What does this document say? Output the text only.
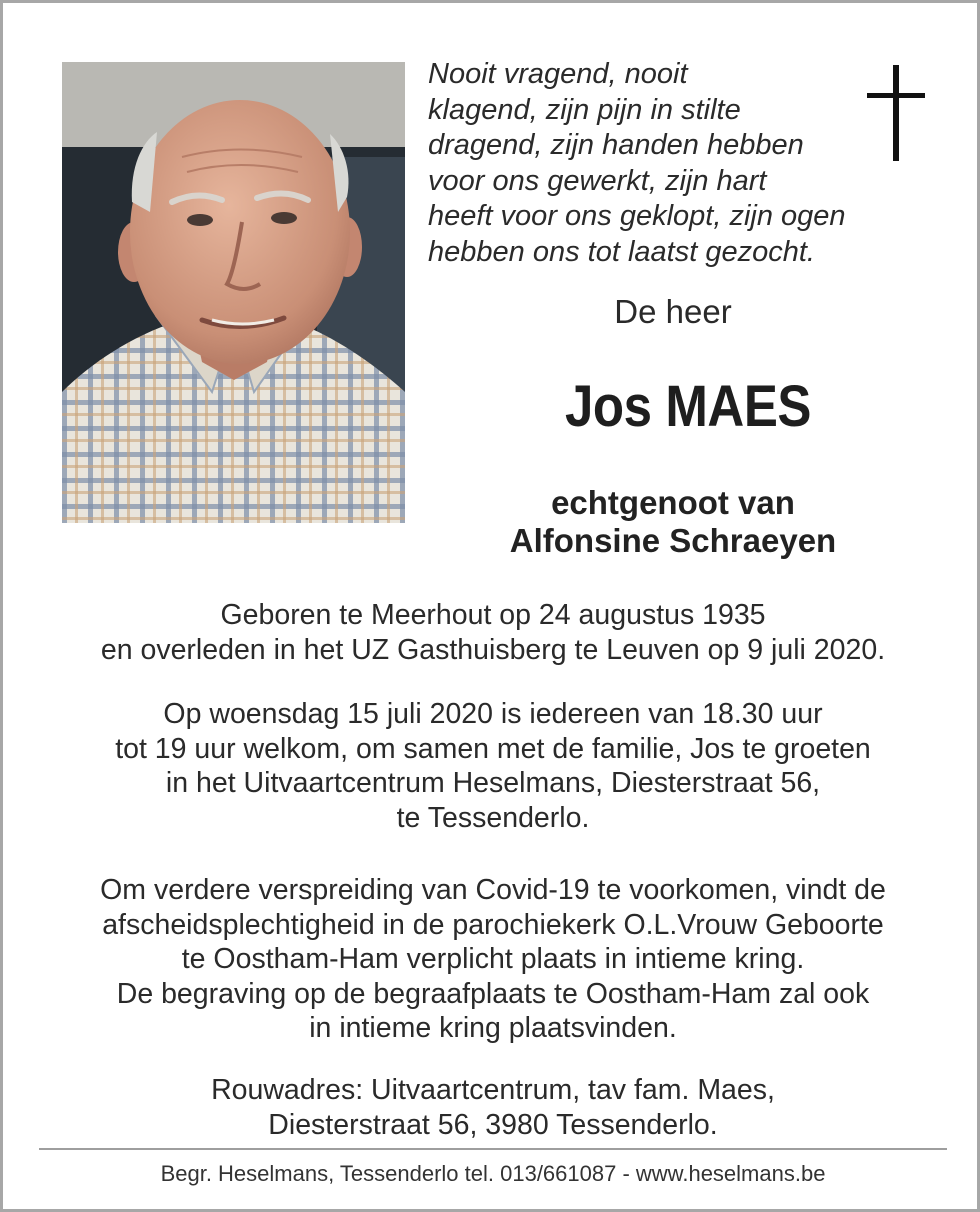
Nooit vragend, nooit
klagend, zijn pijn in stilte
dragend, zijn handen hebben
voor ons gewerkt, zijn hart
heeft voor ons geklopt, zijn ogen
hebben ons tot laatst gezocht.
De heer
Jos MAES
echtgenoot van
Alfonsine Schraeyen
Geboren te Meerhout op 24 augustus 1935
en overleden in het UZ Gasthuisberg te Leuven op 9 juli 2020.
Op woensdag 15 juli 2020 is iedereen van 18.30 uur
tot 19 uur welkom, om samen met de familie, Jos te groeten
in het Uitvaartcentrum Heselmans, Diesterstraat 56,
te Tessenderlo.
Om verdere verspreiding van Covid-19 te voorkomen, vindt de
afscheidsplechtigheid in de parochiekerk O.L.Vrouw Geboorte
te Oostham-Ham verplicht plaats in intieme kring.
De begraving op de begraafplaats te Oostham-Ham zal ook
in intieme kring plaatsvinden.
Rouwadres: Uitvaartcentrum, tav fam. Maes,
Diesterstraat 56, 3980 Tessenderlo.
Begr. Heselmans, Tessenderlo tel. 013/661087 - www.heselmans.be
